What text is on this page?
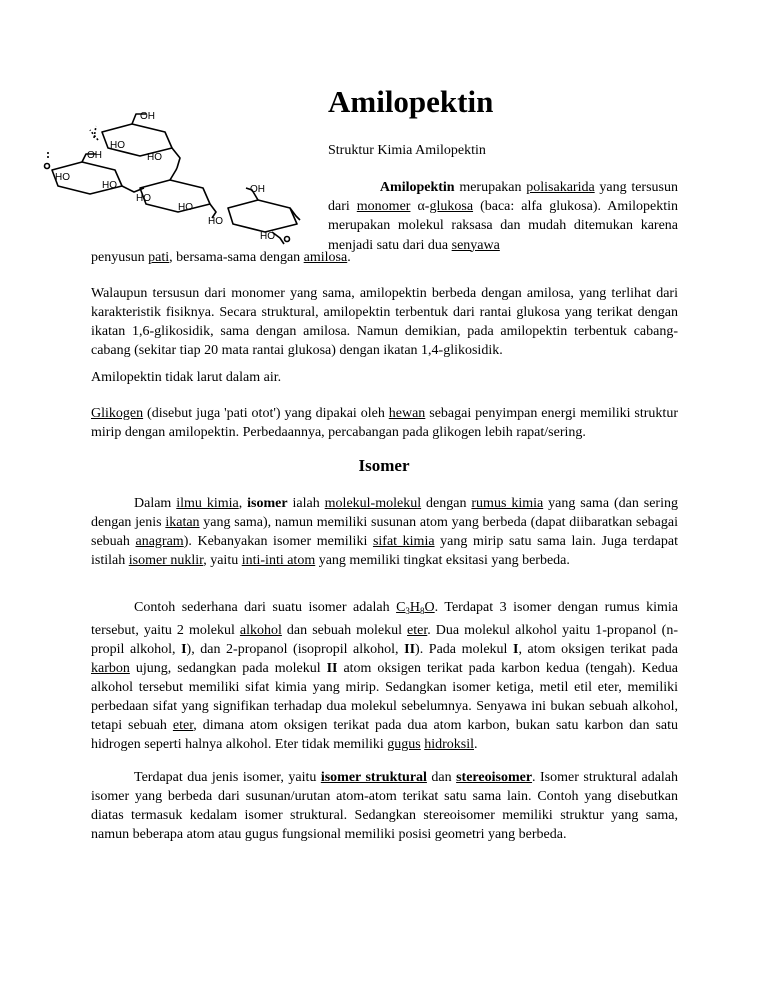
Amilopektin

Struktur Kimia Amilopektin

OH
HO
OH	HO
HO
HO
HO
HO
OH
HO
HO

Amilopektin merupakan polisakarida yang tersusun dari monomer α-glukosa (baca: alfa glukosa). Amilopektin merupakan molekul raksasa dan mudah ditemukan karena menjadi satu dari dua senyawa

penyusun pati, bersama-sama dengan amilosa.

Walaupun tersusun dari monomer yang sama, amilopektin berbeda dengan amilosa, yang terlihat dari karakteristik fisiknya. Secara struktural, amilopektin terbentuk dari rantai glukosa yang terikat dengan ikatan 1,6-glikosidik, sama dengan amilosa. Namun demikian, pada amilopektin terbentuk cabang-cabang (sekitar tiap 20 mata rantai glukosa) dengan ikatan 1,4-glikosidik.

Amilopektin tidak larut dalam air.

Glikogen (disebut juga 'pati otot') yang dipakai oleh hewan sebagai penyimpan energi memiliki struktur mirip dengan amilopektin. Perbedaannya, percabangan pada glikogen lebih rapat/sering.

Isomer

Dalam ilmu kimia, isomer ialah molekul-molekul dengan rumus kimia yang sama (dan sering dengan jenis ikatan yang sama), namun memiliki susunan atom yang berbeda (dapat diibaratkan sebagai sebuah anagram). Kebanyakan isomer memiliki sifat kimia yang mirip satu sama lain. Juga terdapat istilah isomer nuklir, yaitu inti-inti atom yang memiliki tingkat eksitasi yang berbeda.

Contoh sederhana dari suatu isomer adalah $C_3H_8O$. Terdapat 3 isomer dengan rumus kimia tersebut, yaitu 2 molekul alkohol dan sebuah molekul eter. Dua molekul alkohol yaitu 1-propanol (n-propil alkohol, I), dan 2-propanol (isopropil alkohol, II). Pada molekul I, atom oksigen terikat pada karbon ujung, sedangkan pada molekul II atom oksigen terikat pada karbon kedua (tengah). Kedua alkohol tersebut memiliki sifat kimia yang mirip. Sedangkan isomer ketiga, metil etil eter, memiliki perbedaan sifat yang signifikan terhadap dua molekul sebelumnya. Senyawa ini bukan sebuah alkohol, tetapi sebuah eter, dimana atom oksigen terikat pada dua atom karbon, bukan satu karbon dan satu hidrogen seperti halnya alkohol. Eter tidak memiliki gugus hidroksil.

Terdapat dua jenis isomer, yaitu isomer struktural dan stereoisomer. Isomer struktural adalah isomer yang berbeda dari susunan/urutan atom-atom terikat satu sama lain. Contoh yang disebutkan diatas termasuk kedalam isomer struktural. Sedangkan stereoisomer memiliki struktur yang sama, namun beberapa atom atau gugus fungsional memiliki posisi geometri yang berbeda.
